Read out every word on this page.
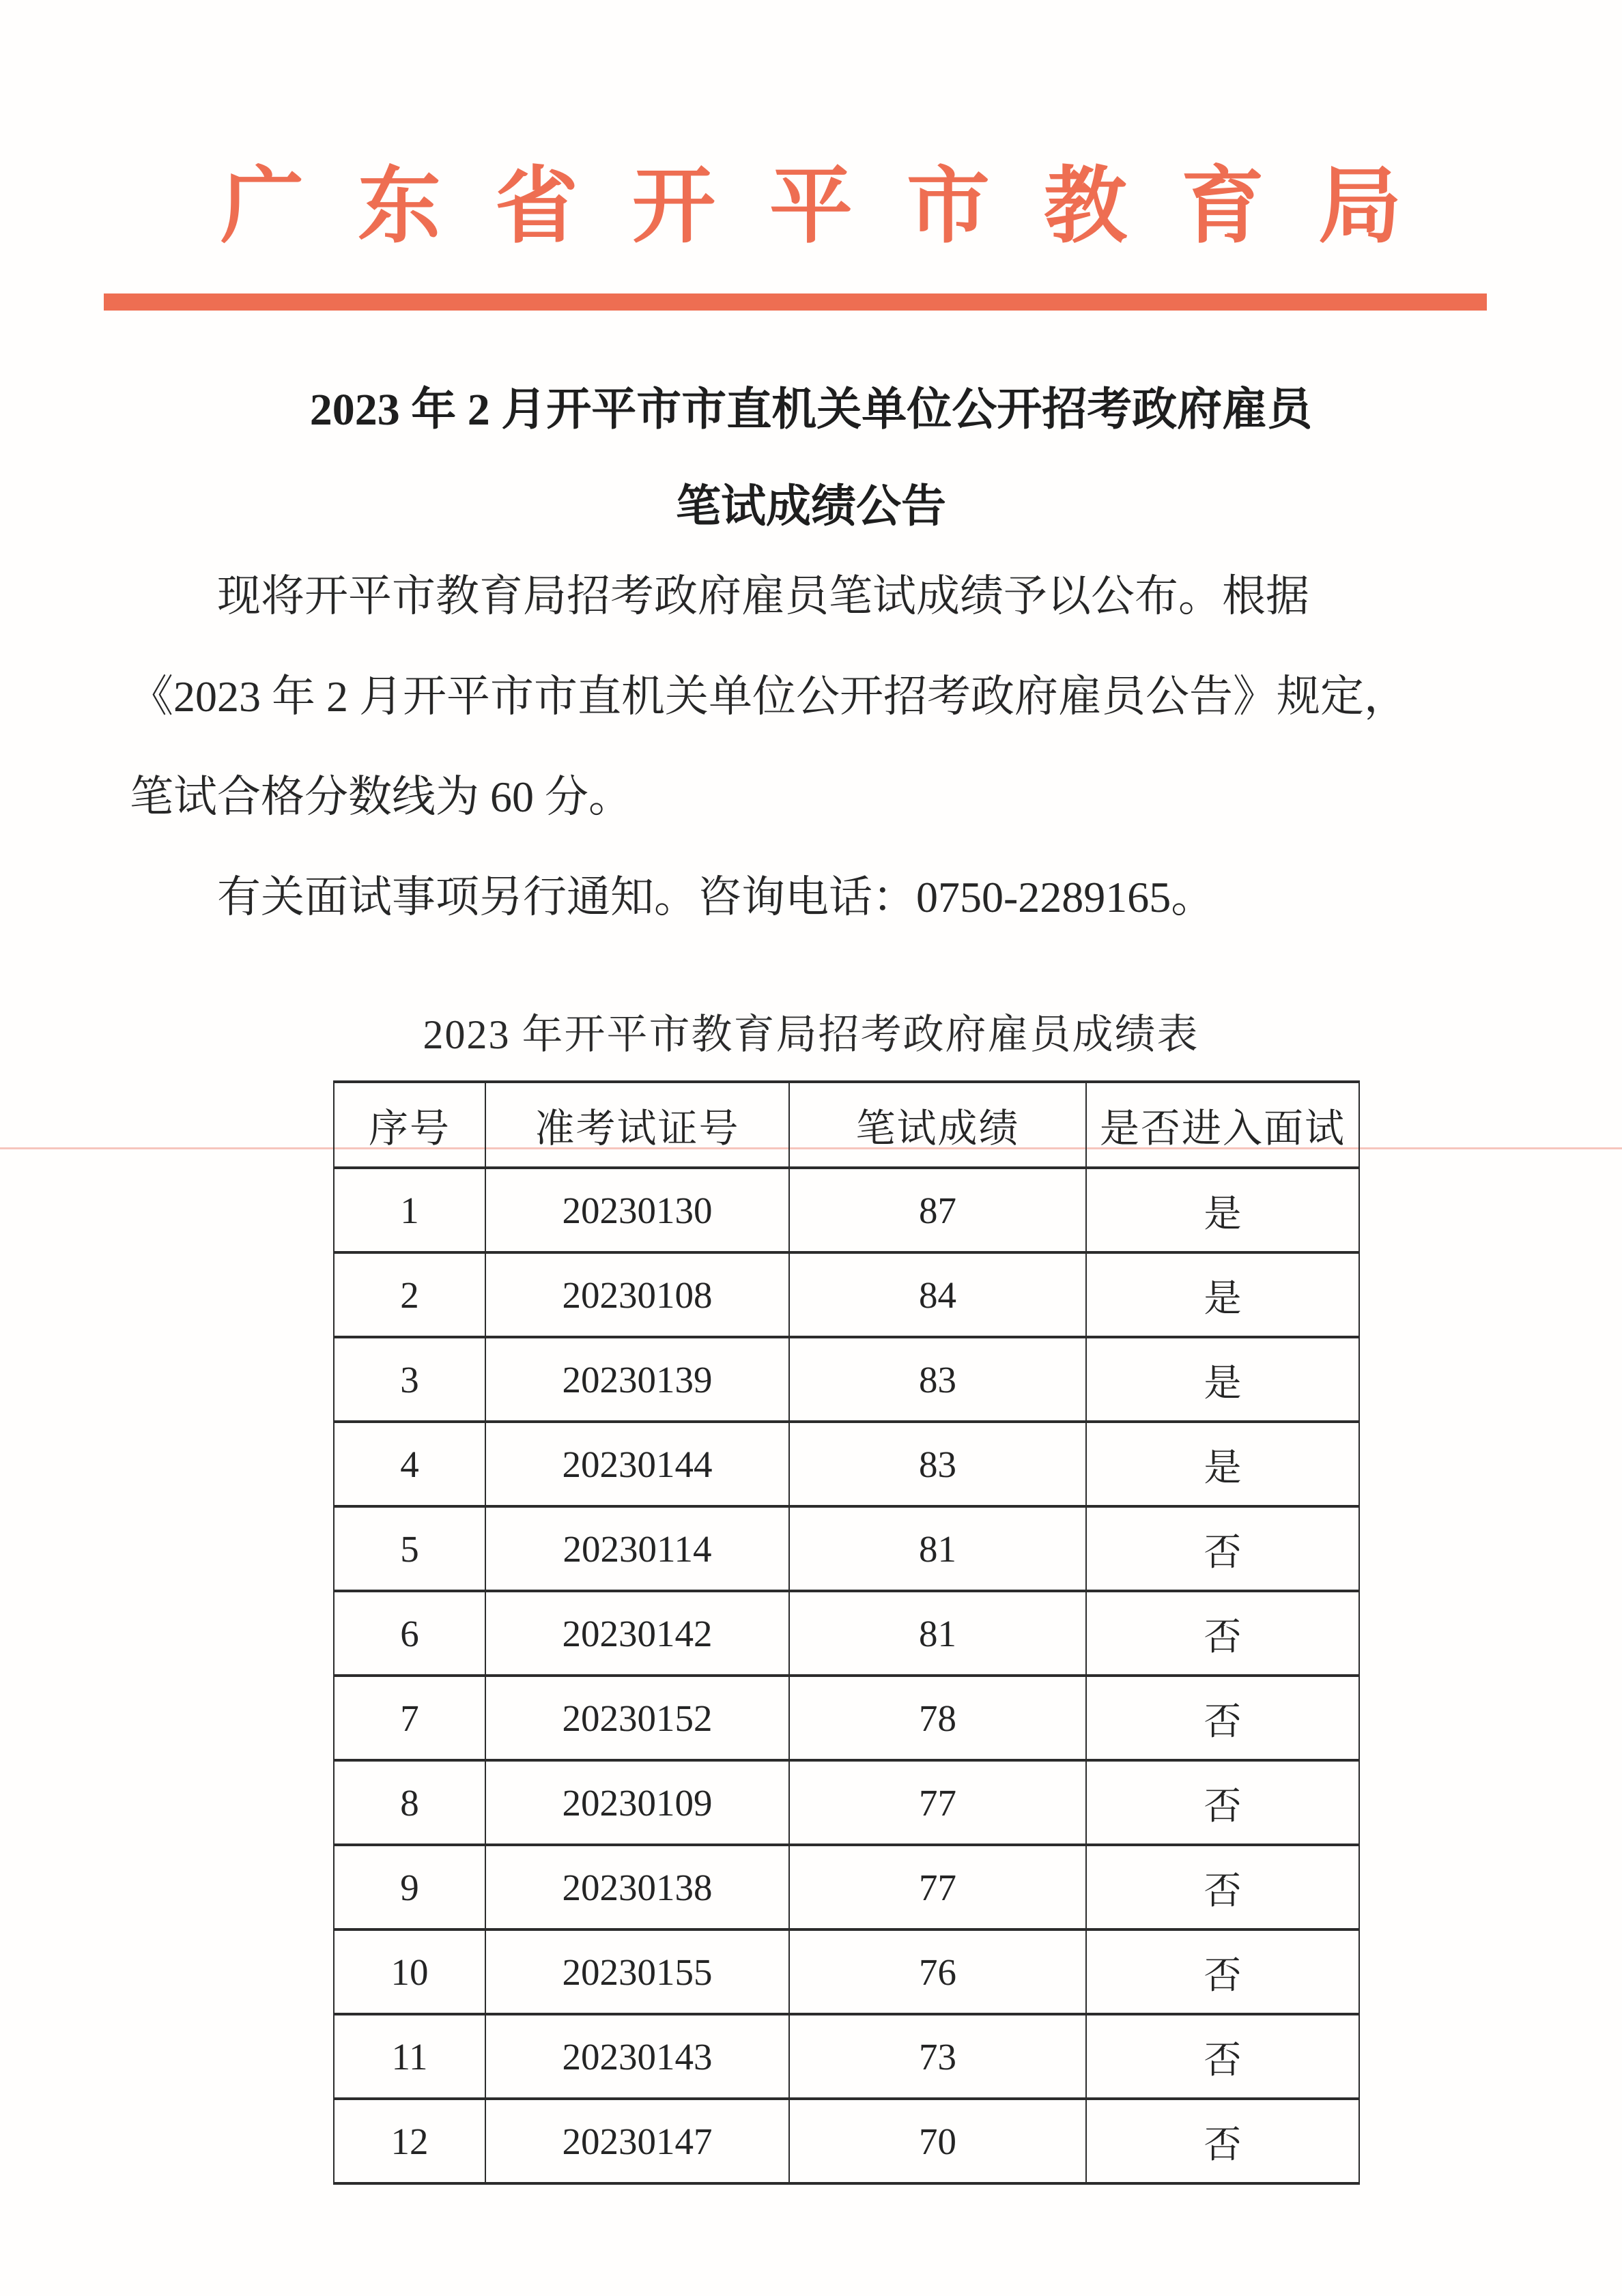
广东省开平市教育局
2023 年 2 月开平市市直机关单位公开招考政府雇员
笔试成绩公告
现将开平市教育局招考政府雇员笔试成绩予以公布。根据
《2023 年 2 月开平市市直机关单位公开招考政府雇员公告》规定，
笔试合格分数线为 60 分。
有关面试事项另行通知。咨询电话：0750-2289165。
2023 年开平市教育局招考政府雇员成绩表
序号	准考试证号	笔试成绩	是否进入面试
1	20230130	87	是
2	20230108	84	是
3	20230139	83	是
4	20230144	83	是
5	20230114	81	否
6	20230142	81	否
7	20230152	78	否
8	20230109	77	否
9	20230138	77	否
10	20230155	76	否
11	20230143	73	否
12	20230147	70	否
